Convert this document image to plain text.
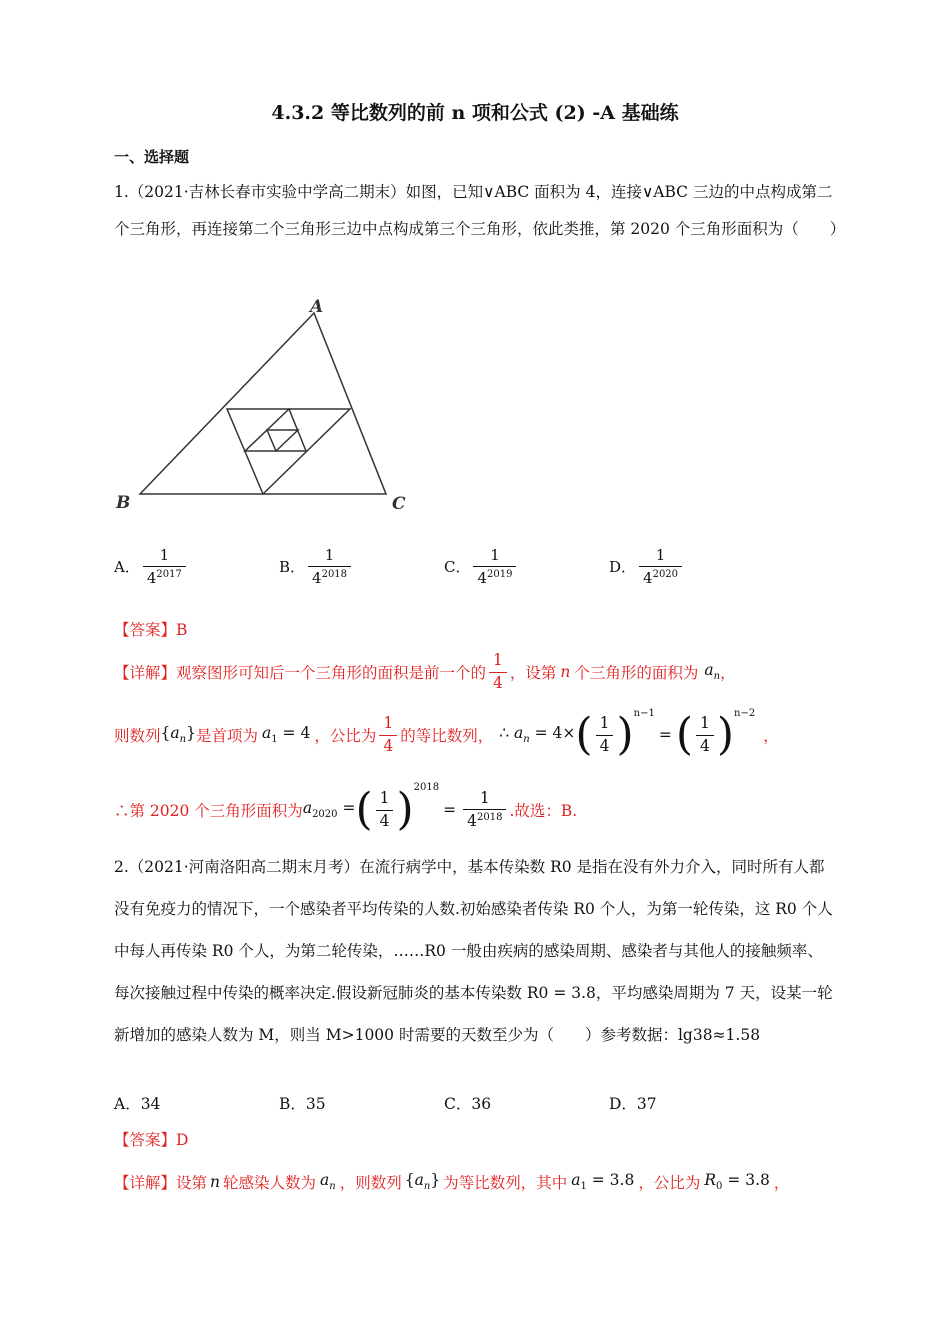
4.3.2 等比数列的前 n 项和公式 (2) -A 基础练
一、选择题
1.（2021·吉林长春市实验中学高二期末）如图，已知∨ABC 面积为 4，连接∨ABC 三边的中点构成第二个三角形，再连接第二个三角形三边中点构成第三个三角形，依此类推，第 2020 个三角形面积为（　　）
A
B	C
A． $\frac{1}{4^{2017}}$	B． $\frac{1}{4^{2018}}$	C． $\frac{1}{4^{2019}}$	D． $\frac{1}{4^{2020}}$
【答案】B
【详解】 观察图形可知后一个三角形的面积是前一个的 $\frac{1}{4}$ ，设第 n 个三角形的面积为 $a_n$ ，
则数列 $\{a_n\}$ 是首项为 $a_1 = 4$ ，公比为 $\frac{1}{4}$ 的等比数列， ∴ $a_n = 4\times$ ( $\frac{1}{4} )^{n-1}$
= ( $\frac{1}{4} )^{n-2}$
，
∴第 2020 个三角形面积为 $a_{2020}$ = ( $\frac{1}{4} )^{2018}$
= $\frac{1}{4^{2018}}$ .故选：B.
2.（2021·河南洛阳高二期末月考）在流行病学中，基本传染数 R0 是指在没有外力介入，同时所有人都没有免疫力的情况下，一个感染者平均传染的人数.初始感染者传染 R0 个人，为第一轮传染，这 R0 个人中每人再传染 R0 个人，为第二轮传染，……R0 一般由疾病的感染周期、感染者与其他人的接触频率、每次接触过程中传染的概率决定.假设新冠肺炎的基本传染数 R0 = 3.8，平均感染周期为 7 天，设某一轮新增加的感染人数为 M，则当 M>1000 时需要的天数至少为（　　）参考数据：lg38≈1.58
A．34	B．35	C．36	D．37
【答案】D
【详解】 设第 n 轮感染人数为 $a_n$ ，则数列 $\{a_n\}$ 为等比数列，其中 $a_1 = 3.8$ ，公比为 $R_0 = 3.8$ ，
